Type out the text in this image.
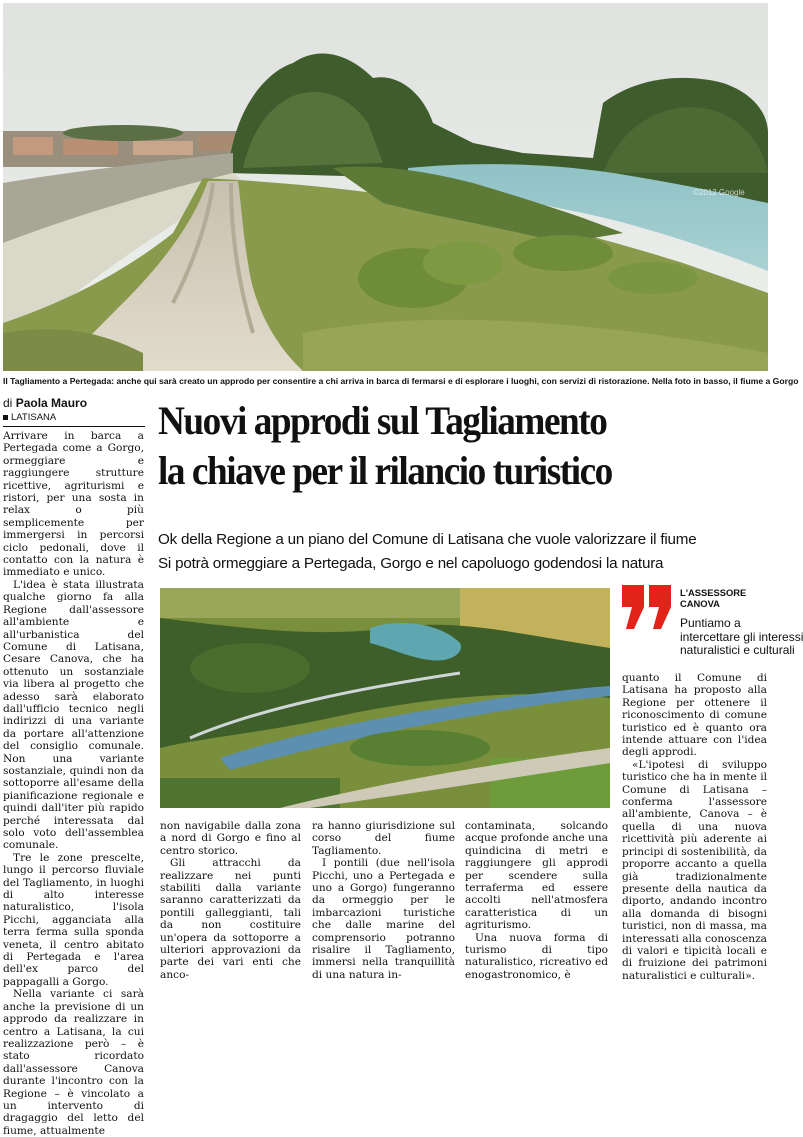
©2012 Google
Il Tagliamento a Pertegada: anche qui sarà creato un approdo per consentire a chi arriva in barca di fermarsi e di esplorare i luoghi, con servizi di ristorazione. Nella foto in basso, il fiume a Gorgo
di Paola Mauro
LATISANA	Nuovi approdi sul Tagliamento
la chiave per il rilancio turistico
Ok della Regione a un piano del Comune di Latisana che vuole valorizzare il fiume
Si potrà ormeggiare a Pertegada, Gorgo e nel capoluogo godendosi la natura

Arrivare in barca a Pertegada come a Gorgo, ormeggiare e raggiungere strutture ricettive, agriturismi e ristori, per una sosta in relax o più semplicemente per immergersi in percorsi ciclo pedonali, dove il contatto con la natura è immediato e unico.

L'idea è stata illustrata qualche giorno fa alla Regione dall'assessore all'ambiente e all'urbanistica del Comune di Latisana, Cesare Canova, che ha ottenuto un sostanziale via libera al progetto che adesso sarà elaborato dall'ufficio tecnico negli indirizzi di una variante da portare all'attenzione del consiglio comunale. Non una variante sostanziale, quindi non da sottoporre all'esame della pianificazione regionale e quindi dall'iter più rapido perché interessata dal solo voto dell'assemblea comunale.

Tre le zone prescelte, lungo il percorso fluviale del Tagliamento, in luoghi di alto interesse naturalistico, l'isola Picchi, agganciata alla terra ferma sulla sponda veneta, il centro abitato di Pertegada e l'area dell'ex parco del pappagalli a Gorgo.

Nella variante ci sarà anche la previsione di un approdo da realizzare in centro a Latisana, la cui realizzazione però – è stato ricordato dall'assessore Canova durante l'incontro con la Regione – è vincolato a un intervento di dragaggio del letto del fiume, attualmente

L'ASSESSORE
CANOVA
Puntiamo a
intercettare gli interessi
naturalistici e culturali

non navigabile dalla zona a nord di Gorgo e fino al centro storico.

Gli attracchi da realizzare nei punti stabiliti dalla variante saranno caratterizzati da pontili galleggianti, tali da non costituire un'opera da sottoporre a ulteriori approvazioni da parte dei vari enti che anco-

ra hanno giurisdizione sul corso del fiume Tagliamento.

I pontili (due nell'isola Picchi, uno a Pertegada e uno a Gorgo) fungeranno da ormeggio per le imbarcazioni turistiche che dalle marine del comprensorio potranno risalire il Tagliamento, immersi nella tranquillità di una natura in-

contaminata, solcando acque profonde anche una quindicina di metri e raggiungere gli approdi per scendere sulla terraferma ed essere accolti nell'atmosfera caratteristica di un agriturismo.

Una nuova forma di turismo di tipo naturalistico, ricreativo ed enogastronomico, è

quanto il Comune di Latisana ha proposto alla Regione per ottenere il riconoscimento di comune turistico ed è quanto ora intende attuare con l'idea degli approdi.

«L'ipotesi di sviluppo turistico che ha in mente il Comune di Latisana – conferma l'assessore all'ambiente, Canova – è quella di una nuova ricettività più aderente ai principi di sostenibilità, da proporre accanto a quella già tradizionalmente presente della nautica da diporto, andando incontro alla domanda di bisogni turistici, non di massa, ma interessati alla conoscenza di valori e tipicità locali e di fruizione dei patrimoni naturalistici e culturali».
